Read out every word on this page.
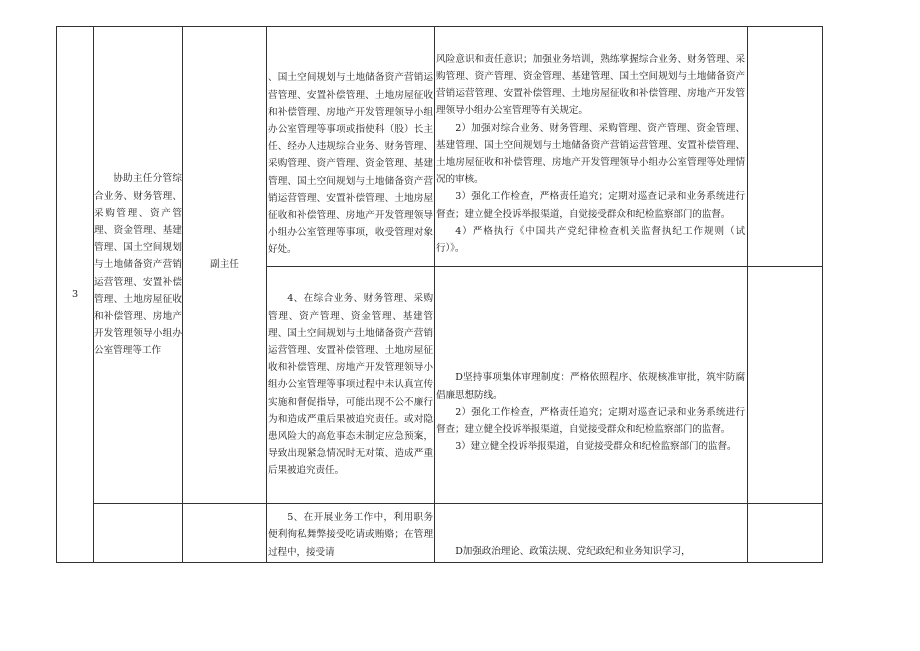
3	协助主任分管综合业务、财务管理、采购管理、资产管理、资金管理、基建管理、国土空间规划与土地储备资产营销运营管理、安置补偿管理、土地房屋征收和补偿管理、房地产开发管理领导小组办公室管理等工作	副主任	、国土空间规划与土地储备资产营销运营管理、安置补偿管理、土地房屋征收和补偿管理、房地产开发管理领导小组办公室管理等事项或指使科（股）长主任、经办人违规综合业务、财务管理、采购管理、资产管理、资金管理、基建管理、国土空间规划与土地储备资产营销运营管理、安置补偿管理、土地房屋征收和补偿管理、房地产开发管理领导小组办公室管理等事项，收受管理对象好处。	风险意识和责任意识；加强业务培训，熟练掌握综合业务、财务管理、采购管理、资产管理、资金管理、基建管理、国土空间规划与土地储备资产营销运营管理、安置补偿管理、土地房屋征收和补偿管理、房地产开发管理领导小组办公室管理等有关规定。
2）加强对综合业务、财务管理、采购管理、资产管理、资金管理、基建管理、国土空间规划与土地储备资产营销运营管理、安置补偿管理、土地房屋征收和补偿管理、房地产开发管理领导小组办公室管理等处理情况的审核。
3）强化工作检查，严格责任追究；定期对巡查记录和业务系统进行督查；建立健全投诉举报渠道，自觉接受群众和纪检监察部门的监督。
4）严格执行《中国共产党纪律检查机关监督执纪工作规则（试行）》。		

			4、在综合业务、财务管理、采购管理、资产管理、资金管理、基建管理、国土空间规划与土地储备资产营销运营管理、安置补偿管理、土地房屋征收和补偿管理、房地产开发管理领导小组办公室管理等事项过程中未认真宣传实施和督促指导，可能出现不公不廉行为和造成严重后果被追究责任。或对隐患风险大的高危事态未制定应急预案，导致出现紧急情况时无对策、造成严重后果被追究责任。	D坚持事项集体审理制度：严格依照程序、依规核准审批，筑牢防腐倡廉思想防线。
2）强化工作检查，严格责任追究；定期对巡查记录和业务系统进行督查；建立健全投诉举报渠道，自觉接受群众和纪检监察部门的监督。
3）建立健全投诉举报渠道，自觉接受群众和纪检监察部门的监督。		

			5、在开展业务工作中，利用职务便利徇私舞弊接受吃请或贿赂；在管理过程中，接受请	D加强政治理论、政策法规、党纪政纪和业务知识学习，		
